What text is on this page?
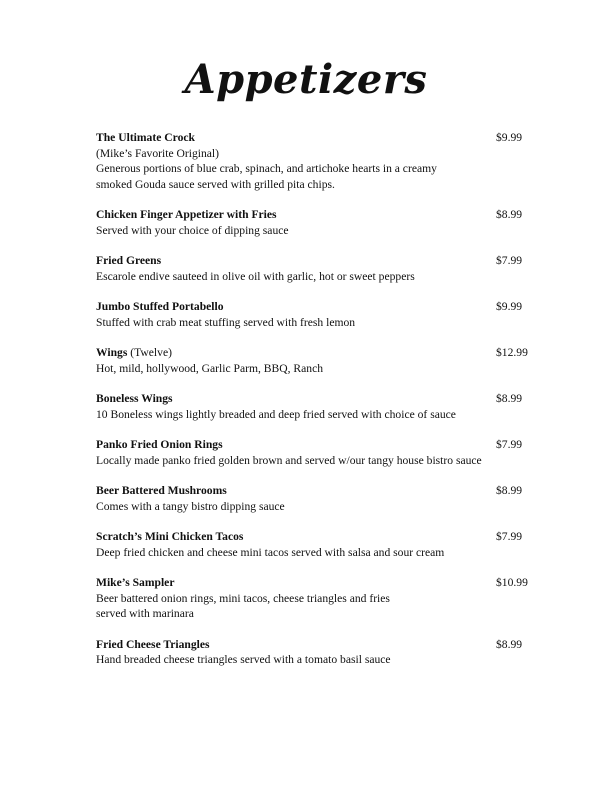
Appetizers
The Ultimate Crock	$9.99
(Mike’s Favorite Original)
Generous portions of blue crab, spinach, and artichoke hearts in a creamy
smoked Gouda sauce served with grilled pita chips.
Chicken Finger Appetizer with Fries	$8.99
Served with your choice of dipping sauce
Fried Greens	$7.99
Escarole endive sauteed in olive oil with garlic, hot or sweet peppers
Jumbo Stuffed Portabello	$9.99
Stuffed with crab meat stuffing served with fresh lemon
Wings (Twelve)	$12.99
Hot, mild, hollywood, Garlic Parm, BBQ, Ranch
Boneless Wings	$8.99
10 Boneless wings lightly breaded and deep fried served with choice of sauce
Panko Fried Onion Rings	$7.99
Locally made panko fried golden brown and served w/our tangy house bistro sauce
Beer Battered Mushrooms	$8.99
Comes with a tangy bistro dipping sauce
Scratch’s Mini Chicken Tacos	$7.99
Deep fried chicken and cheese mini tacos served with salsa and sour cream
Mike’s Sampler	$10.99
Beer battered onion rings, mini tacos, cheese triangles and fries
served with marinara
Fried Cheese Triangles	$8.99
Hand breaded cheese triangles served with a tomato basil sauce
